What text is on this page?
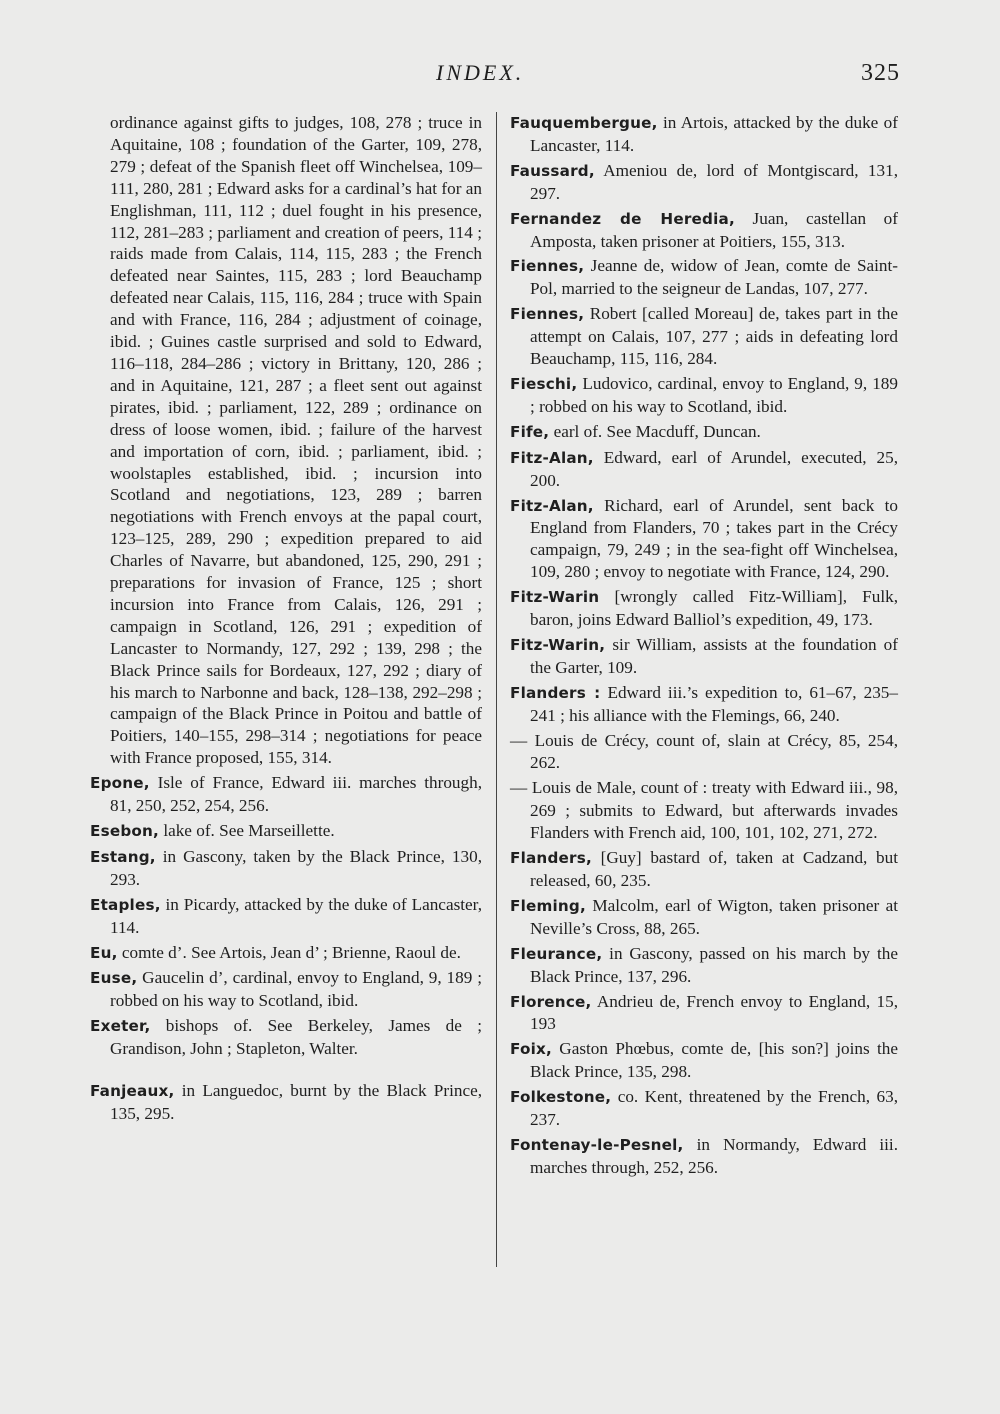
INDEX.	325

ordinance against gifts to judges, 108, 278 ; truce in Aquitaine, 108 ; foundation of the Garter, 109, 278, 279 ; defeat of the Spanish fleet off Winchelsea, 109–111, 280, 281 ; Edward asks for a cardinal’s hat for an Englishman, 111, 112 ; duel fought in his presence, 112, 281–283 ; parliament and creation of peers, 114 ; raids made from Calais, 114, 115, 283 ; the French defeated near Saintes, 115, 283 ; lord Beauchamp defeated near Calais, 115, 116, 284 ; truce with Spain and with France, 116, 284 ; adjustment of coinage, ibid. ; Guines castle surprised and sold to Edward, 116–118, 284–286 ; victory in Brittany, 120, 286 ; and in Aquitaine, 121, 287 ; a fleet sent out against pirates, ibid. ; parliament, 122, 289 ; ordinance on dress of loose women, ibid. ; failure of the harvest and importation of corn, ibid. ; parliament, ibid. ; woolstaples established, ibid. ; incursion into Scotland and negotiations, 123, 289 ; barren negotiations with French envoys at the papal court, 123–125, 289, 290 ; expedition prepared to aid Charles of Navarre, but abandoned, 125, 290, 291 ; preparations for invasion of France, 125 ; short incursion into France from Calais, 126, 291 ; campaign in Scotland, 126, 291 ; expedition of Lancaster to Normandy, 127, 292 ; 139, 298 ; the Black Prince sails for Bordeaux, 127, 292 ; diary of his march to Narbonne and back, 128–138, 292–298 ; campaign of the Black Prince in Poitou and battle of Poitiers, 140–155, 298–314 ; negotiations for peace with France proposed, 155, 314.

Epone, Isle of France, Edward iii. marches through, 81, 250, 252, 254, 256.

Esebon, lake of. See Marseillette.

Estang, in Gascony, taken by the Black Prince, 130, 293.

Etaples, in Picardy, attacked by the duke of Lancaster, 114.

Eu, comte d’. See Artois, Jean d’ ; Brienne, Raoul de.

Euse, Gaucelin d’, cardinal, envoy to England, 9, 189 ; robbed on his way to Scotland, ibid.

Exeter, bishops of. See Berkeley, James de ; Grandison, John ; Stapleton, Walter.

Fanjeaux, in Languedoc, burnt by the Black Prince, 135, 295.

Fauquembergue, in Artois, attacked by the duke of Lancaster, 114.

Faussard, Ameniou de, lord of Montgiscard, 131, 297.

Fernandez de Heredia, Juan, castellan of Amposta, taken prisoner at Poitiers, 155, 313.

Fiennes, Jeanne de, widow of Jean, comte de Saint-Pol, married to the seigneur de Landas, 107, 277.

Fiennes, Robert [called Moreau] de, takes part in the attempt on Calais, 107, 277 ; aids in defeating lord Beauchamp, 115, 116, 284.

Fieschi, Ludovico, cardinal, envoy to England, 9, 189 ; robbed on his way to Scotland, ibid.

Fife, earl of. See Macduff, Duncan.

Fitz-Alan, Edward, earl of Arundel, executed, 25, 200.

Fitz-Alan, Richard, earl of Arundel, sent back to England from Flanders, 70 ; takes part in the Crécy campaign, 79, 249 ; in the sea-fight off Winchelsea, 109, 280 ; envoy to negotiate with France, 124, 290.

Fitz-Warin [wrongly called Fitz-William], Fulk, baron, joins Edward Balliol’s expedition, 49, 173.

Fitz-Warin, sir William, assists at the foundation of the Garter, 109.

Flanders : Edward iii.’s expedition to, 61–67, 235–241 ; his alliance with the Flemings, 66, 240.

— Louis de Crécy, count of, slain at Crécy, 85, 254, 262.

— Louis de Male, count of : treaty with Edward iii., 98, 269 ; submits to Edward, but afterwards invades Flanders with French aid, 100, 101, 102, 271, 272.

Flanders, [Guy] bastard of, taken at Cadzand, but released, 60, 235.

Fleming, Malcolm, earl of Wigton, taken prisoner at Neville’s Cross, 88, 265.

Fleurance, in Gascony, passed on his march by the Black Prince, 137, 296.

Florence, Andrieu de, French envoy to England, 15, 193

Foix, Gaston Phœbus, comte de, [his son?] joins the Black Prince, 135, 298.

Folkestone, co. Kent, threatened by the French, 63, 237.

Fontenay-le-Pesnel, in Normandy, Edward iii. marches through, 252, 256.
